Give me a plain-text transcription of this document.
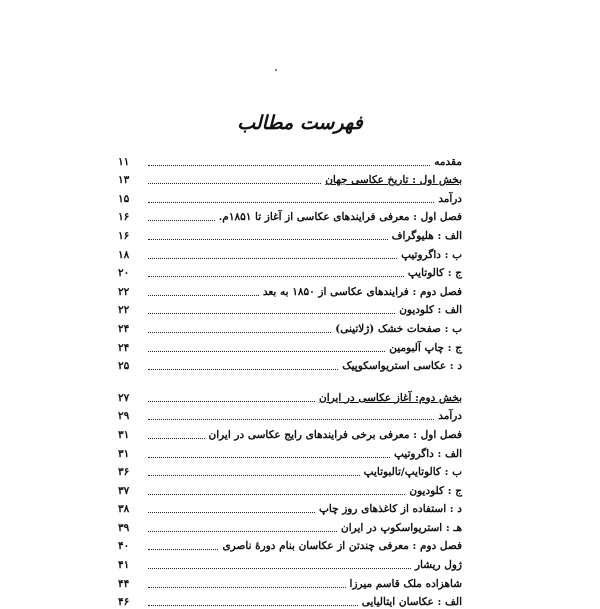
فهرست مطالب
مقدمه
۱۱
بخش اول : تاریخ عکاسی جهان
۱۳
درآمد
۱۵
فصل اول : معرفی فرایندهای عکاسی از آغاز تا ۱۸۵۱م.
۱۶
الف : هلیوگراف
۱۶
ب : داگروتیپ
۱۸
ج : کالوتایپ
۲۰
فصل دوم : فرایندهای عکاسی از ۱۸۵۰ به بعد
۲۲
الف : کلودیون
۲۲
ب : صفحات خشک (ژلاتینی)
۲۴
ج : چاپ آلبومین
۲۴
د : عکاسی استریواسکوپیک
۲۵
بخش دوم: آغاز عکاسی در ایران
۲۷
درآمد
۲۹
فصل اول : معرفی برخی فرایندهای رایج عکاسی در ایران
۳۱
الف : داگروتیپ
۳۱
ب : کالوتایپ/تالبوتایپ
۳۶
ج : کلودیون
۳۷
د : استفاده از کاغذهای روز چاپ
۳۸
هـ : استریواسکوپ در ایران
۳۹
فصل دوم : معرفی چندتن از عکاسان بنام دورهٔ ناصری
۴۰
ژول ریشار
۴۱
شاهزاده ملک قاسم میرزا
۴۴
الف : عکاسان ایتالیایی
۴۶
